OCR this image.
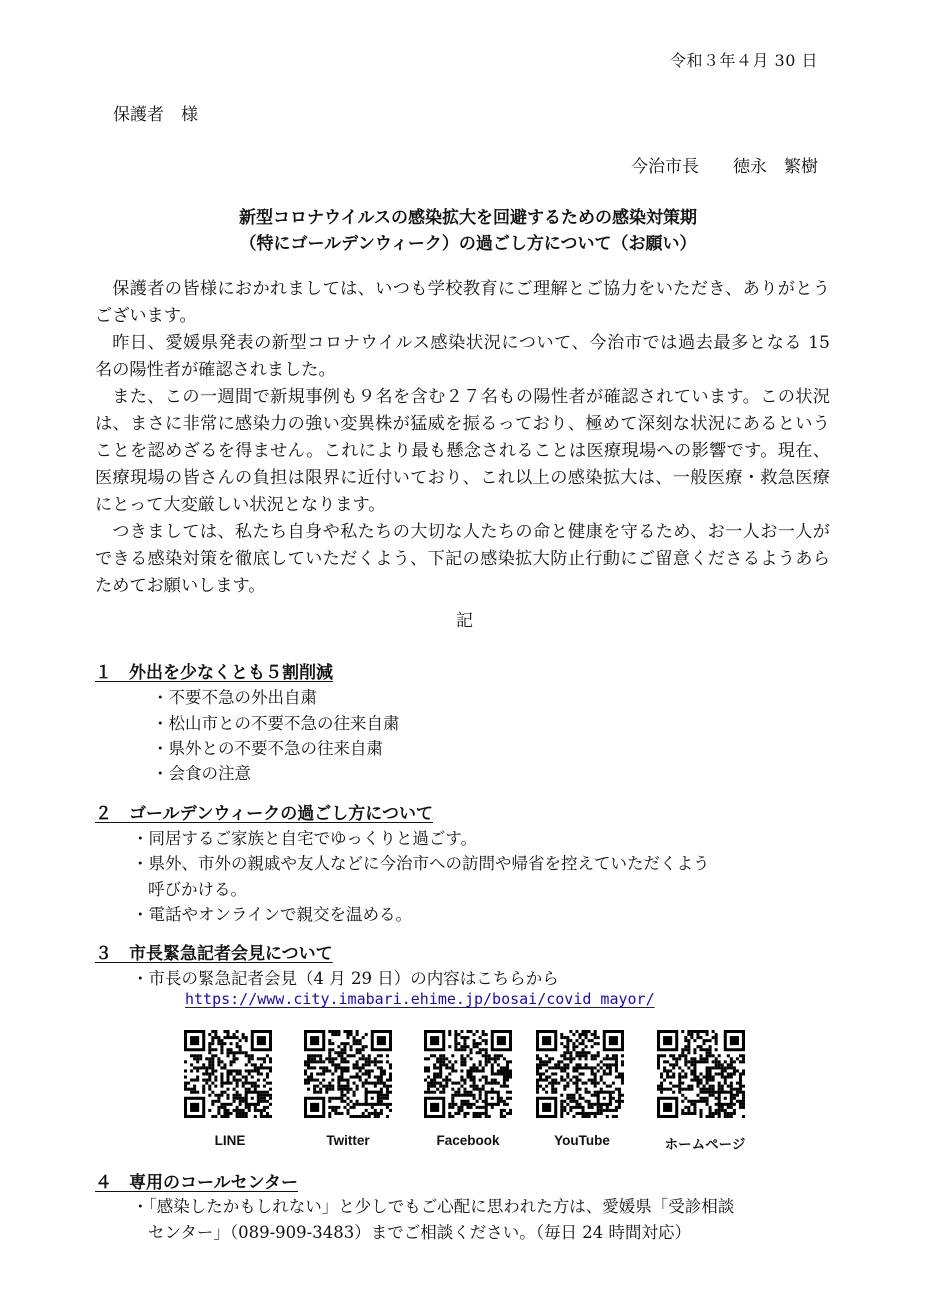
令和３年４月 30 日
保護者　様
今治市長　　徳永　繁樹
新型コロナウイルスの感染拡大を回避するための感染対策期
（特にゴールデンウィーク）の過ごし方について（お願い）

保護者の皆様におかれましては、いつも学校教育にご理解とご協力をいただき、ありがとうございます。

昨日、愛媛県発表の新型コロナウイルス感染状況について、今治市では過去最多となる 15 名の陽性者が確認されました。

また、この一週間で新規事例も９名を含む２７名もの陽性者が確認されています。この状況は、まさに非常に感染力の強い変異株が猛威を振るっており、極めて深刻な状況にあるということを認めざるを得ません。これにより最も懸念されることは医療現場への影響です。現在、医療現場の皆さんの負担は限界に近付いており、これ以上の感染拡大は、一般医療・救急医療にとって大変厳しい状況となります。

つきましては、私たち自身や私たちの大切な人たちの命と健康を守るため、お一人お一人ができる感染対策を徹底していただくよう、下記の感染拡大防止行動にご留意くださるようあらためてお願いします。

記
１　外出を少なくとも５割削減
・不要不急の外出自粛
・松山市との不要不急の往来自粛
・県外との不要不急の往来自粛
・会食の注意
２　ゴールデンウィークの過ごし方について
・同居するご家族と自宅でゆっくりと過ごす。
・県外、市外の親戚や友人などに今治市への訪問や帰省を控えていただくよう
呼びかける。
・電話やオンラインで親交を温める。
３　市長緊急記者会見について
・市長の緊急記者会見（4 月 29 日）の内容はこちらから
https://www.city.imabari.ehime.jp/bosai/covid_mayor/
LINE	Twitter	Facebook	YouTube	ホームページ
４　専用のコールセンター
・「感染したかもしれない」と少しでもご心配に思われた方は、愛媛県「受診相談
センター」（089-909-3483）までご相談ください。（毎日 24 時間対応）
